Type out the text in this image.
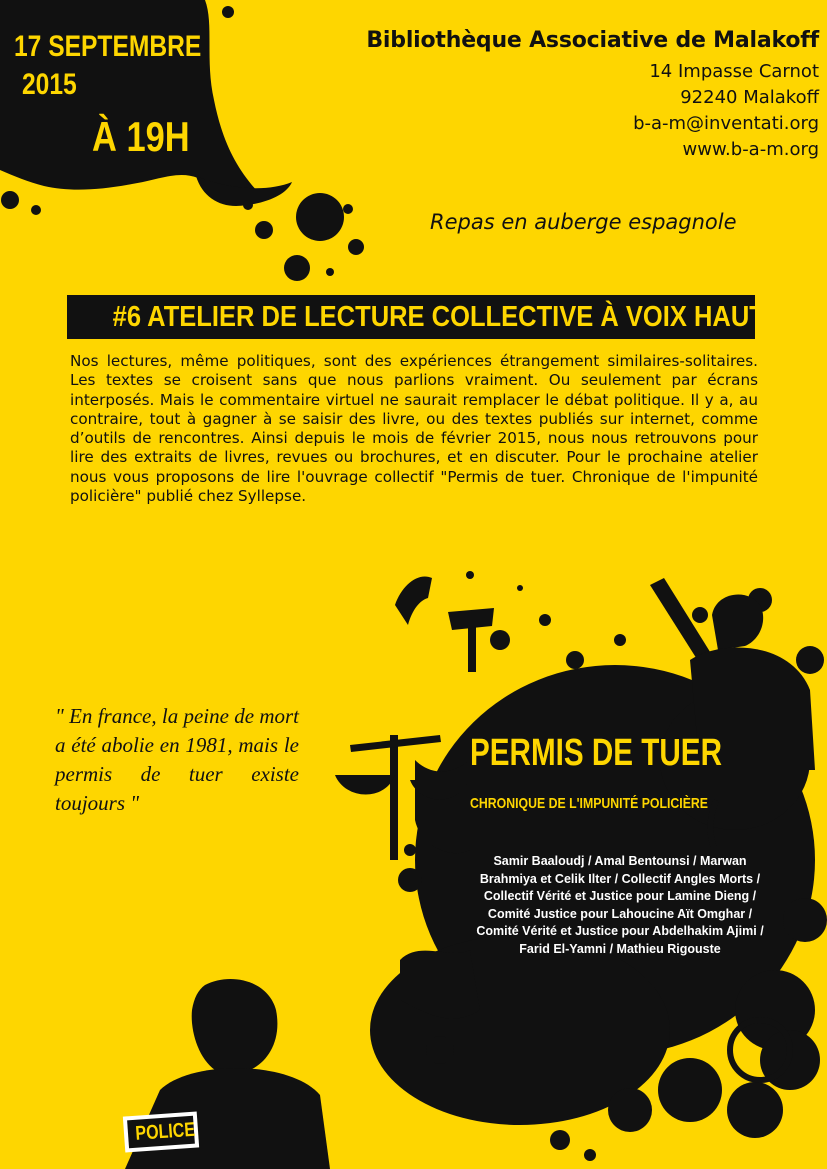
17 SEPTEMBRE
2015
À 19H
Bibliothèque Associative de Malakoff
14 Impasse Carnot
92240 Malakoff
b-a-m@inventati.org
www.b-a-m.org
Repas en auberge espagnole
#6 ATELIER DE LECTURE COLLECTIVE À VOIX HAUTE
Nos lectures, même politiques, sont des expériences étrangement similaires-solitaires. Les textes se croisent sans que nous parlions vraiment. Ou seulement par écrans interposés. Mais le commentaire virtuel ne saurait remplacer le débat politique. Il y a, au contraire, tout à gagner à se saisir des livre, ou des textes publiés sur internet, comme d’outils de rencontres. Ainsi depuis le mois de février 2015, nous nous retrouvons pour lire des extraits de livres, revues ou brochures, et en discuter. Pour le prochaine atelier nous vous proposons de lire l'ouvrage collectif "Permis de tuer. Chronique de l'impunité policière" publié chez Syllepse.
" En france, la peine de mort a été abolie en 1981, mais le permis de tuer existe toujours "
PERMIS DE TUER
CHRONIQUE DE L'IMPUNITÉ POLICIÈRE
Samir Baaloudj / Amal Bentounsi / Marwan Brahmiya et Celik Ilter / Collectif Angles Morts / Collectif Vérité et Justice pour Lamine Dieng / Comité Justice pour Lahoucine Aït Omghar / Comité Vérité et Justice pour Abdelhakim Ajimi / Farid El-Yamni / Mathieu Rigouste
POLICE
